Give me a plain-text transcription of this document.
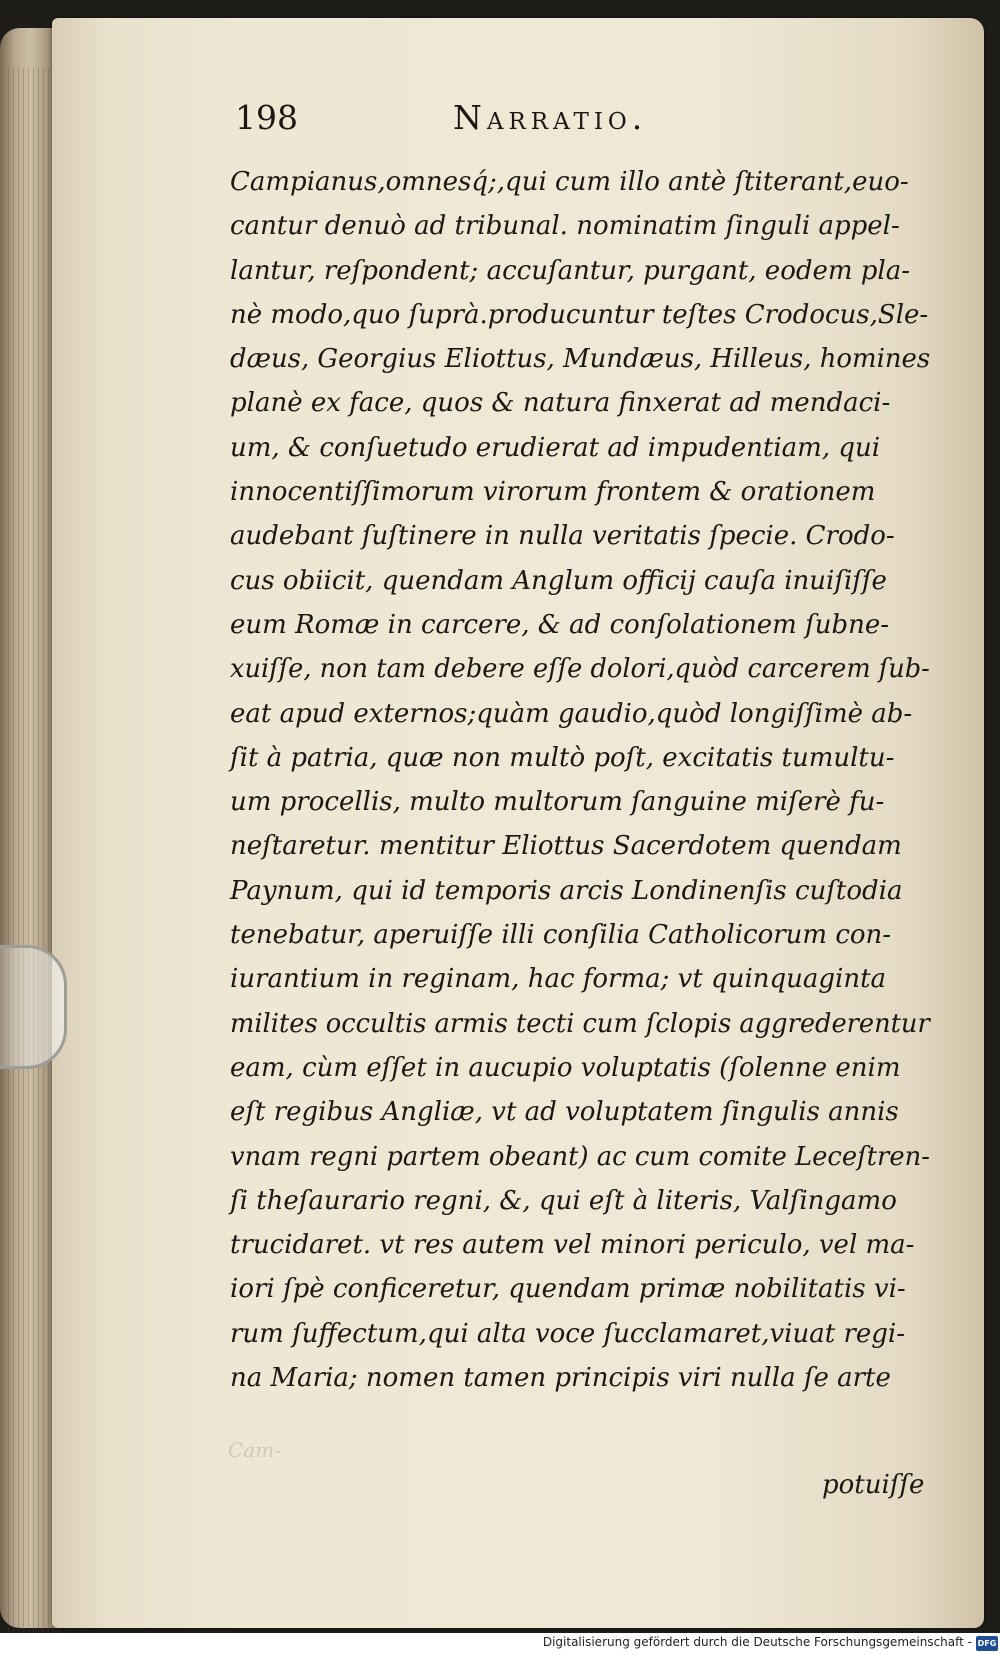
198	Narratio.
Campianus,omnesq́;,qui cum illo antè ſtiterant,euo-
cantur denuò ad tribunal. nominatim ſinguli appel-
lantur, reſpondent; accuſantur, purgant, eodem pla-
nè modo,quo ſuprà.producuntur teſtes Crodocus,Sle-
dæus, Georgius Eliottus, Mundæus, Hilleus, homines
planè ex face, quos & natura finxerat ad mendaci-
um, & conſuetudo erudierat ad impudentiam, qui
innocentiſſimorum virorum frontem & orationem
audebant ſuſtinere in nulla veritatis ſpecie. Crodo-
cus obiicit, quendam Anglum officij cauſa inuiſiſſe
eum Romæ in carcere, & ad conſolationem ſubne-
xuiſſe, non tam debere eſſe dolori,quòd carcerem ſub-
eat apud externos;quàm gaudio,quòd longiſſimè ab-
ſit à patria, quæ non multò poſt, excitatis tumultu-
um procellis, multo multorum ſanguine miſerè fu-
neſtaretur. mentitur Eliottus Sacerdotem quendam
Paynum, qui id temporis arcis Londinenſis cuſtodia
tenebatur, aperuiſſe illi conſilia Catholicorum con-
iurantium in reginam, hac forma; vt quinquaginta
milites occultis armis tecti cum ſclopis aggrederentur
eam, cùm eſſet in aucupio voluptatis (ſolenne enim
eſt regibus Angliæ, vt ad voluptatem ſingulis annis
vnam regni partem obeant) ac cum comite Leceſtren-
ſi theſaurario regni, &, qui eſt à literis, Valſingamo
trucidaret. vt res autem vel minori periculo, vel ma-
iori ſpè conficeretur, quendam primæ nobilitatis vi-
rum ſuffectum,qui alta voce ſucclamaret,viuat regi-
na Maria; nomen tamen principis viri nulla ſe arte
Cam-
potuiſſe
Digitalisierung gefördert durch die Deutsche Forschungsgemeinschaft - DFG
